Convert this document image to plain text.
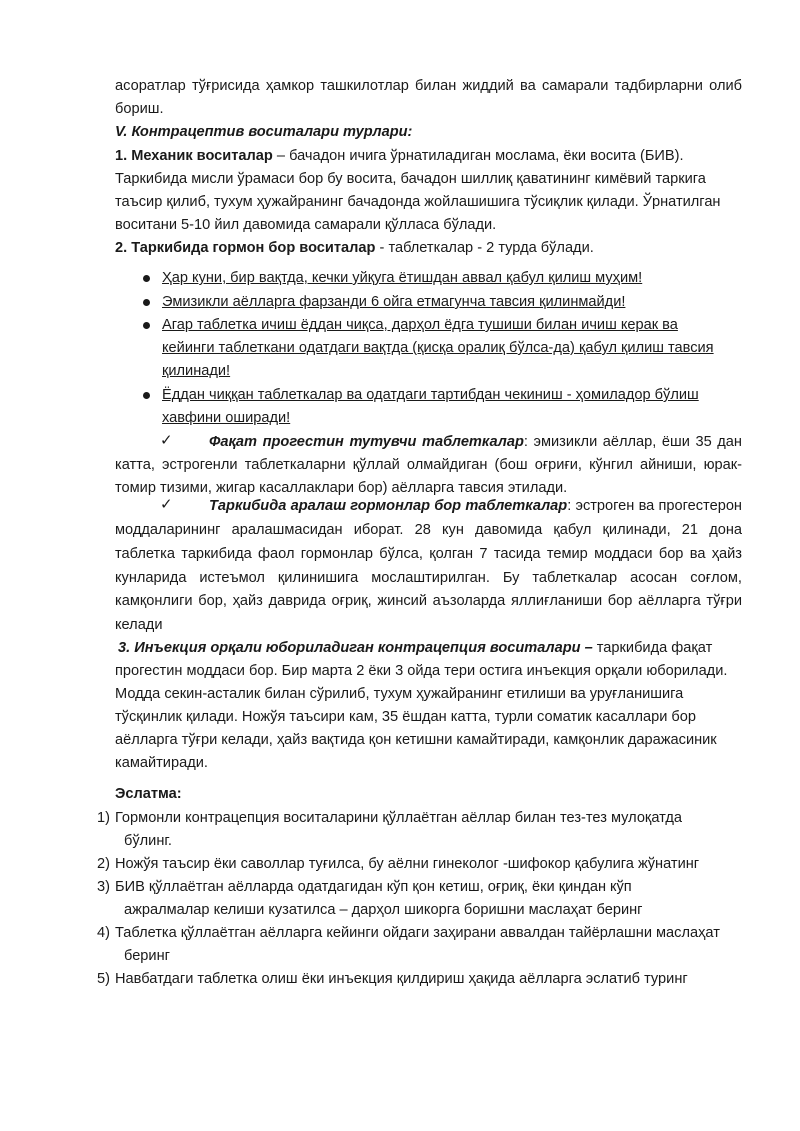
асоратлар тўғрисида ҳамкор ташкилотлар билан жиддий ва самарали тадбирларни олиб
бориш.
V. Контрацептив воситалари турлари:
1. Механик воситалар – бачадон ичига ўрнатиладиган мослама, ёки восита (БИВ).
Таркибида мисли ўрамаси бор бу восита, бачадон шиллиқ қаватининг кимёвий таркига
таъсир қилиб, тухум ҳужайранинг бачадонда жойлашишига тўсиқлик қилади. Ўрнатилган
воситани 5-10 йил давомида самарали қўлласа бўлади.
2. Таркибида гормон бор воситалар - таблеткалар - 2 турда бўлади.
Ҳар куни, бир вақтда, кечки уйқуга ётишдан аввал қабул қилиш муҳим!
Эмизикли аёлларга фарзанди 6 ойга етмагунча тавсия қилинмайди!
Агар таблетка ичиш ёддан чиқса, дарҳол ёдга тушиши билан ичиш керак ва
кейинги таблеткани одатдаги вақтда (қисқа оралиқ бўлса-да) қабул қилиш тавсия
қилинади!
Ёддан чиққан таблеткалар ва одатдаги тартибдан чекиниш - ҳомиладор бўлиш
хавфини оширади!
✓ Фақат прогестин тутувчи таблеткалар: эмизикли аёллар, ёши 35 дан
катта, эстрогенли таблеткаларни қўллай олмайдиган (бош оғриғи, кўнгил айниши, юрак-
томир тизими, жигар касаллаклари бор) аёлларга тавсия этилади.
✓ Таркибида аралаш гормонлар бор таблеткалар: эстроген ва прогестерон
моддаларининг аралашмасидан иборат. 28 кун давомида қабул қилинади, 21 дона
таблетка таркибида фаол гормонлар бўлса, қолган 7 тасида темир моддаси бор ва ҳайз
кунларида истеъмол қилинишига мослаштирилган. Бу таблеткалар асосан соғлом,
камқонлиги бор, ҳайз даврида оғриқ, жинсий аъзоларда яллиғланиши бор аёлларга тўғри
келади
3. Инъекция орқали юбориладиган контрацепция воситалари – таркибида фақат
прогестин моддаси бор. Бир марта 2 ёки 3 ойда тери остига инъекция орқали юборилади.
Модда секин-асталик билан сўрилиб, тухум ҳужайранинг етилиши ва уруғланишига
тўсқинлик қилади. Ножўя таъсири кам, 35 ёшдан катта, турли соматик касаллари бор
аёлларга тўғри келади, ҳайз вақтида қон кетишни камайтиради, камқонлик даражасиник
камайтиради.
Эслатма:
1) Гормонли контрацепция воситаларини қўллаётган аёллар билан тез-тез мулоқатда
бўлинг.
2) Ножўя таъсир ёки саволлар туғилса, бу аёлни гинеколог -шифокор қабулига жўнатинг
3) БИВ қўллаётган аёлларда одатдагидан кўп қон кетиш, оғриқ, ёки қиндан кўп
ажралмалар келиши кузатилса – дарҳол шикорга боришни маслаҳат беринг
4) Таблетка қўллаётган аёлларга кейинги ойдаги заҳирани аввалдан тайёрлашни маслаҳат
беринг
5) Навбатдаги таблетка олиш ёки инъекция қилдириш ҳақида аёлларга эслатиб туринг
